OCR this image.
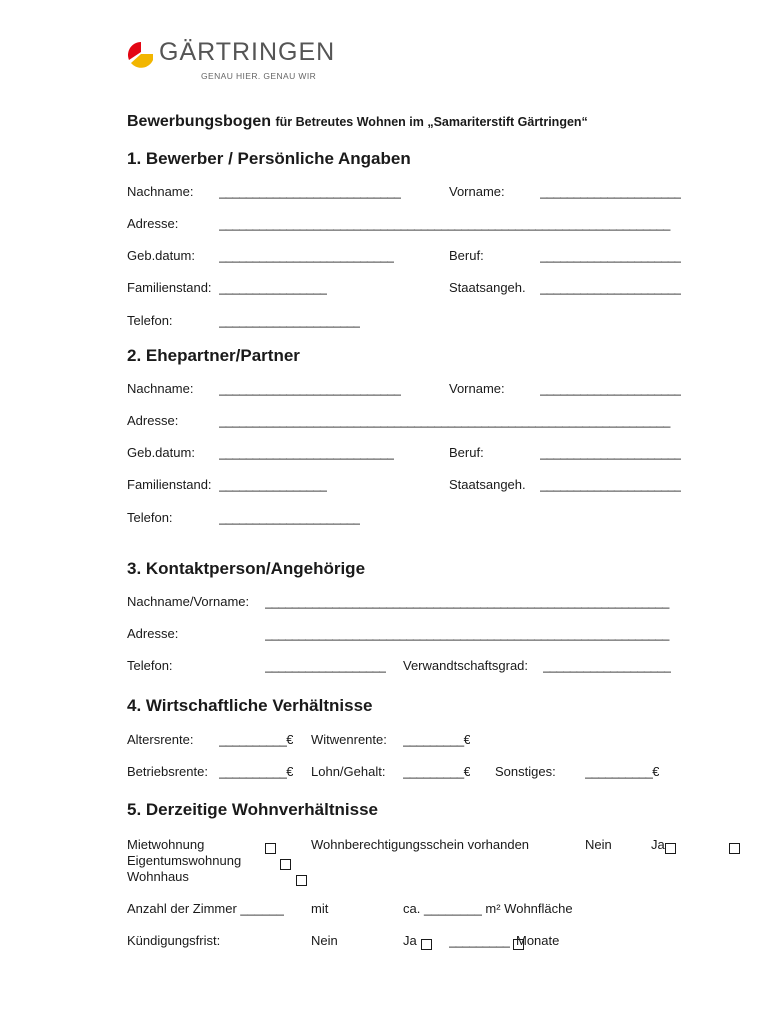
GÄRTRINGEN
GENAU HIER. GENAU WIR
Bewerbungsbogen für Betreutes Wohnen im „Samariterstift Gärtringen“
1. Bewerber / Persönliche Angaben
Nachname: ___________________________	Vorname:	_____________________
Adresse:	___________________________________________________________________
Geb.datum: __________________________	Beruf:	_____________________
Familienstand: ________________	Staatsangeh. _____________________
Telefon:	_____________________
2. Ehepartner/Partner
Nachname: ___________________________	Vorname:	_____________________
Adresse:	___________________________________________________________________
Geb.datum: __________________________	Beruf:	_____________________
Familienstand: ________________	Staatsangeh. _____________________
Telefon:	_____________________
3. Kontaktperson/Angehörige
Nachname/Vorname: ____________________________________________________________
Adresse:	____________________________________________________________
Telefon:	__________________ Verwandtschaftsgrad: ___________________
4. Wirtschaftliche Verhältnisse
Altersrente: __________€ Witwenrente: _________€
Betriebsrente: __________€ Lohn/Gehalt: _________€ Sonstiges: __________€
5. Derzeitige Wohnverhältnisse
Mietwohnung

Eigentumswohnung

Wohnhaus

Wohnberechtigungsschein vorhanden	Nein
	Ja

Anzahl der Zimmer ______ mit	ca. ________ m² Wohnfläche
Kündigungsfrist:	Nein
	Ja _________ Monate
